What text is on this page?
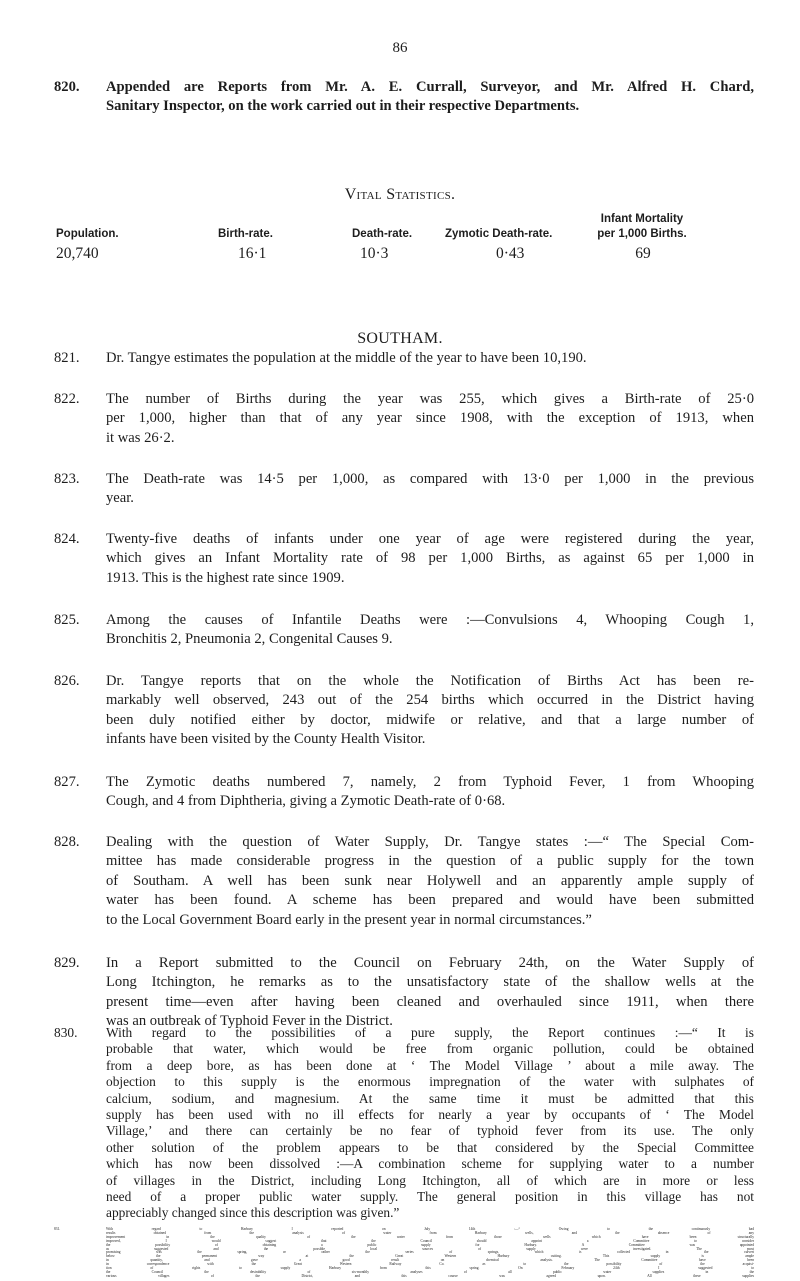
86
820.	Appended are Reports from Mr. A. E. Currall, Surveyor, and Mr. Alfred H. Chard,
Sanitary Inspector, on the work carried out in their respective Departments.
Vital Statistics.
Infant Mortality
Population.	Birth-rate.	Death-rate.	Zymotic Death-rate.	per 1,000 Births.
20,740	16·1	10·3	0·43	69
SOUTHAM.
821.	Dr. Tangye estimates the population at the middle of the year to have been 10,190.
822.	The number of Births during the year was 255, which gives a Birth-rate of 25·0
per 1,000, higher than that of any year since 1908, with the exception of 1913, when
it was 26·2.
823.	The Death-rate was 14·5 per 1,000, as compared with 13·0 per 1,000 in the previous
year.
824.	Twenty-five deaths of infants under one year of age were registered during the year,
which gives an Infant Mortality rate of 98 per 1,000 Births, as against 65 per 1,000 in
1913. This is the highest rate since 1909.
825.	Among the causes of Infantile Deaths were :—Convulsions 4, Whooping Cough 1,
Bronchitis 2, Pneumonia 2, Congenital Causes 9.
826.	Dr. Tangye reports that on the whole the Notification of Births Act has been re-
markably well observed, 243 out of the 254 births which occurred in the District having
been duly notified either by doctor, midwife or relative, and that a large number of
infants have been visited by the County Health Visitor.
827.	The Zymotic deaths numbered 7, namely, 2 from Typhoid Fever, 1 from Whooping
Cough, and 4 from Diphtheria, giving a Zymotic Death-rate of 0·68.
828.	Dealing with the question of Water Supply, Dr. Tangye states :—“ The Special Com-
mittee has made considerable progress in the question of a public supply for the town
of Southam. A well has been sunk near Holywell and an apparently ample supply of
water has been found. A scheme has been prepared and would have been submitted
to the Local Government Board early in the present year in normal circumstances.”
829.	In a Report submitted to the Council on February 24th, on the Water Supply of
Long Itchington, he remarks as to the unsatisfactory state of the shallow wells at the
present time—even after having been cleaned and overhauled since 1911, when there
was an outbreak of Typhoid Fever in the District.
830.	With regard to the possibilities of a pure supply, the Report continues :—“ It is
probable that water, which would be free from organic pollution, could be obtained
from a deep bore, as has been done at ‘ The Model Village ’ about a mile away. The
objection to this supply is the enormous impregnation of the water with sulphates of
calcium, sodium, and magnesium. At the same time it must be admitted that this
supply has been used with no ill effects for nearly a year by occupants of ‘ The Model
Village,’ and there can certainly be no fear of typhoid fever from its use. The only
other solution of the problem appears to be that considered by the Special Committee
which has now been dissolved :—A combination scheme for supplying water to a number
of villages in the District, including Long Itchington, all of which are in more or less
need of a proper public water supply. The general position in this village has not
appreciably changed since this description was given.”
831.	With regard to Harbury I reported on July 14th :—“ Owing to the continuously bad
results obtained from the analysis of water from Harbury wells, and the absence of any
improvement in the quality of the water from those wells which have been structurally
improved, I would suggest that the Council should appoint a Committee to consider
the possibility of obtaining a public supply for Harbury. A Committee was appointed
as suggested and the possible local sources of supply were investigated. The most
promising was the spring, or rather the series of springs, which is collected in the culvert
below the permanent way at the Great Western Harbury cutting. This supply is ample
in quantity, and gave a good result on chemical analysis. The Committee have been
in correspondence with the Great Western Railway Co. as to the possibility of the acquisi-
tion of rights to supply Harbury from this spring. On February 24th I suggested to
the Council the desirability of six-monthly analyses of all public water supplies in the
various villages of the District, and this course was agreed upon. All these supplies
